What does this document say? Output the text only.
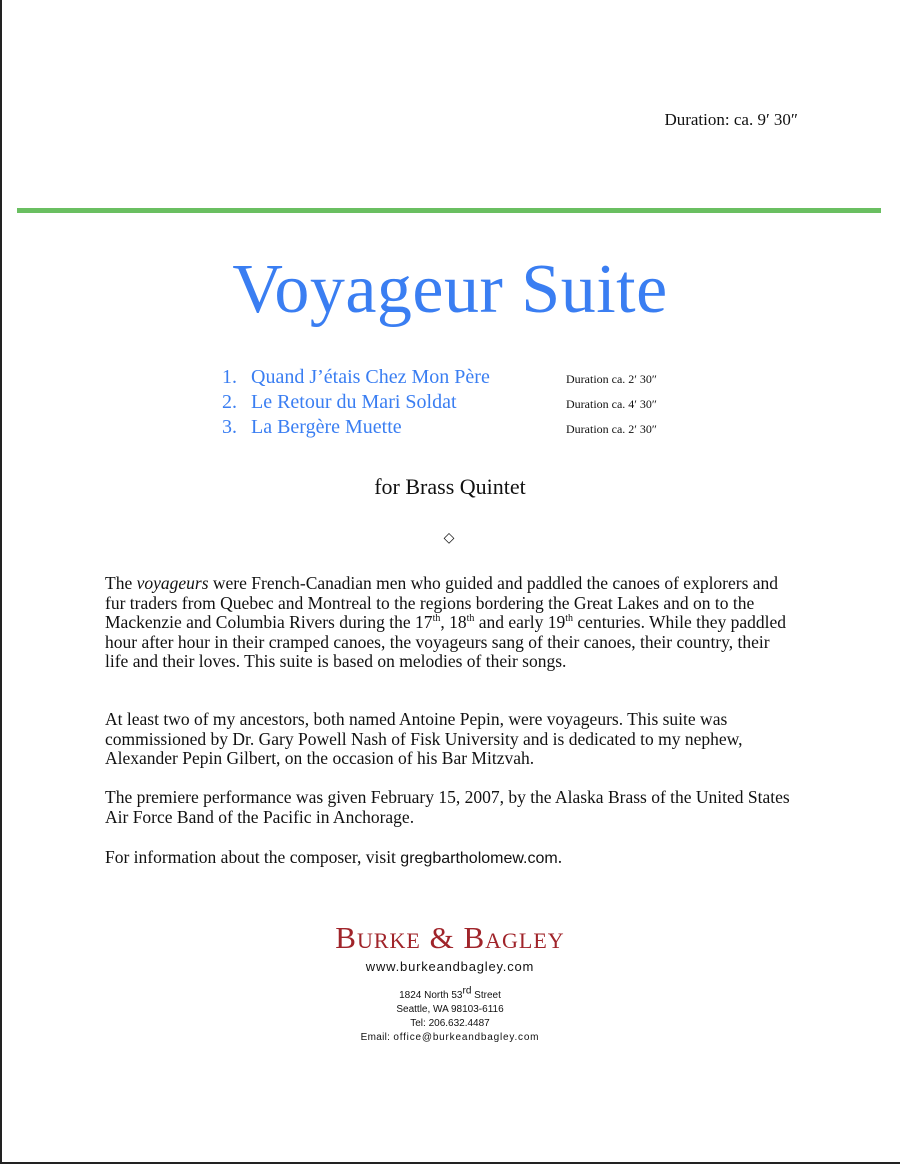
Duration: ca. 9′ 30″
Voyageur Suite
1. Quand J’étais Chez Mon Père	Duration ca. 2′ 30″
2. Le Retour du Mari Soldat	Duration ca. 4′ 30″
3. La Bergère Muette	Duration ca. 2′ 30″
for Brass Quintet
◇
The voyageurs were French-Canadian men who guided and paddled the canoes of explorers and fur traders from Quebec and Montreal to the regions bordering the Great Lakes and on to the Mackenzie and Columbia Rivers during the 17th, 18th and early 19th centuries. While they paddled hour after hour in their cramped canoes, the voyageurs sang of their canoes, their country, their life and their loves. This suite is based on melodies of their songs.
At least two of my ancestors, both named Antoine Pepin, were voyageurs. This suite was commissioned by Dr. Gary Powell Nash of Fisk University and is dedicated to my nephew, Alexander Pepin Gilbert, on the occasion of his Bar Mitzvah.
The premiere performance was given February 15, 2007, by the Alaska Brass of the United States Air Force Band of the Pacific in Anchorage.
For information about the composer, visit gregbartholomew.com.
Burke & Bagley
www.burkeandbagley.com
1824 North 53rd Street
Seattle, WA 98103-6116
Tel: 206.632.4487
Email: office@burkeandbagley.com
